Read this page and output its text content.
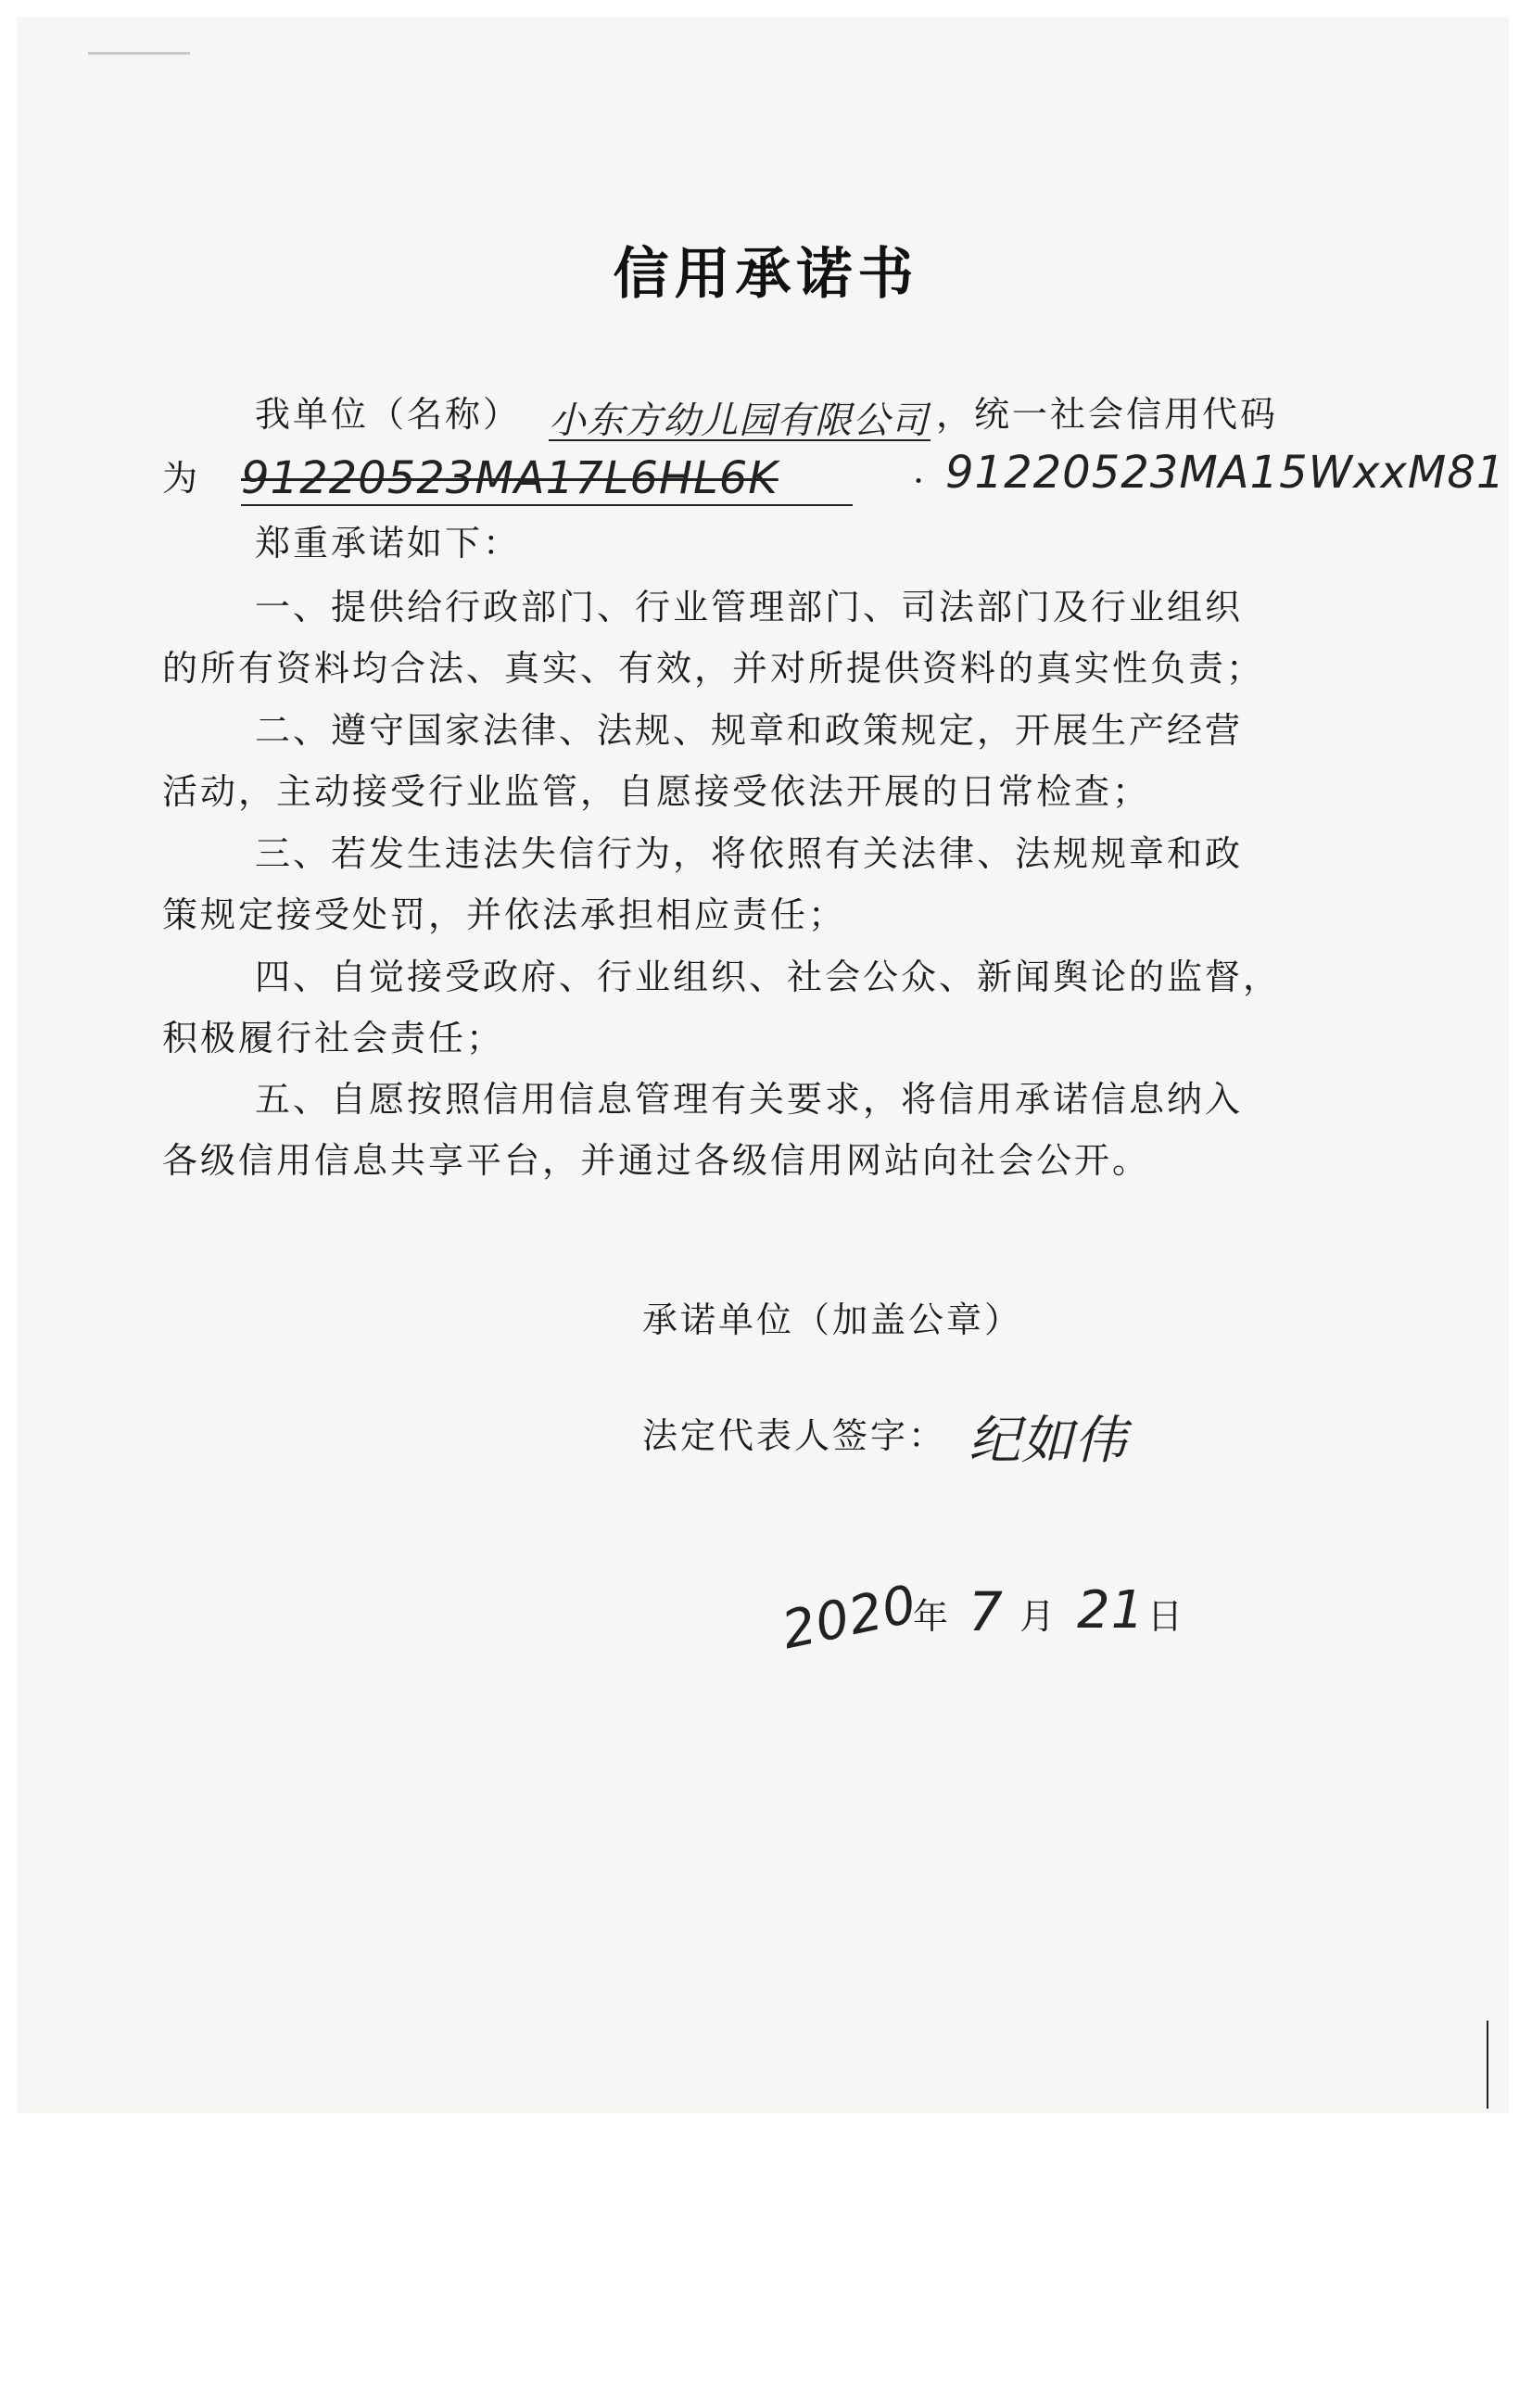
信用承诺书
我单位（名称） 小东方幼儿园有限公司 ，统一社会信用代码
为 91220523MA17L6HL6K	· 91220523MA15WxxM81
郑重承诺如下：
一、提供给行政部门、行业管理部门、司法部门及行业组织
的所有资料均合法、真实、有效，并对所提供资料的真实性负责；
二、遵守国家法律、法规、规章和政策规定，开展生产经营
活动，主动接受行业监管，自愿接受依法开展的日常检查；
三、若发生违法失信行为，将依照有关法律、法规规章和政
策规定接受处罚，并依法承担相应责任；
四、自觉接受政府、行业组织、社会公众、新闻舆论的监督，
积极履行社会责任；
五、自愿按照信用信息管理有关要求，将信用承诺信息纳入
各级信用信息共享平台，并通过各级信用网站向社会公开。
承诺单位（加盖公章）
法定代表人签字： 纪如伟
2020
年 7 月 21 日
